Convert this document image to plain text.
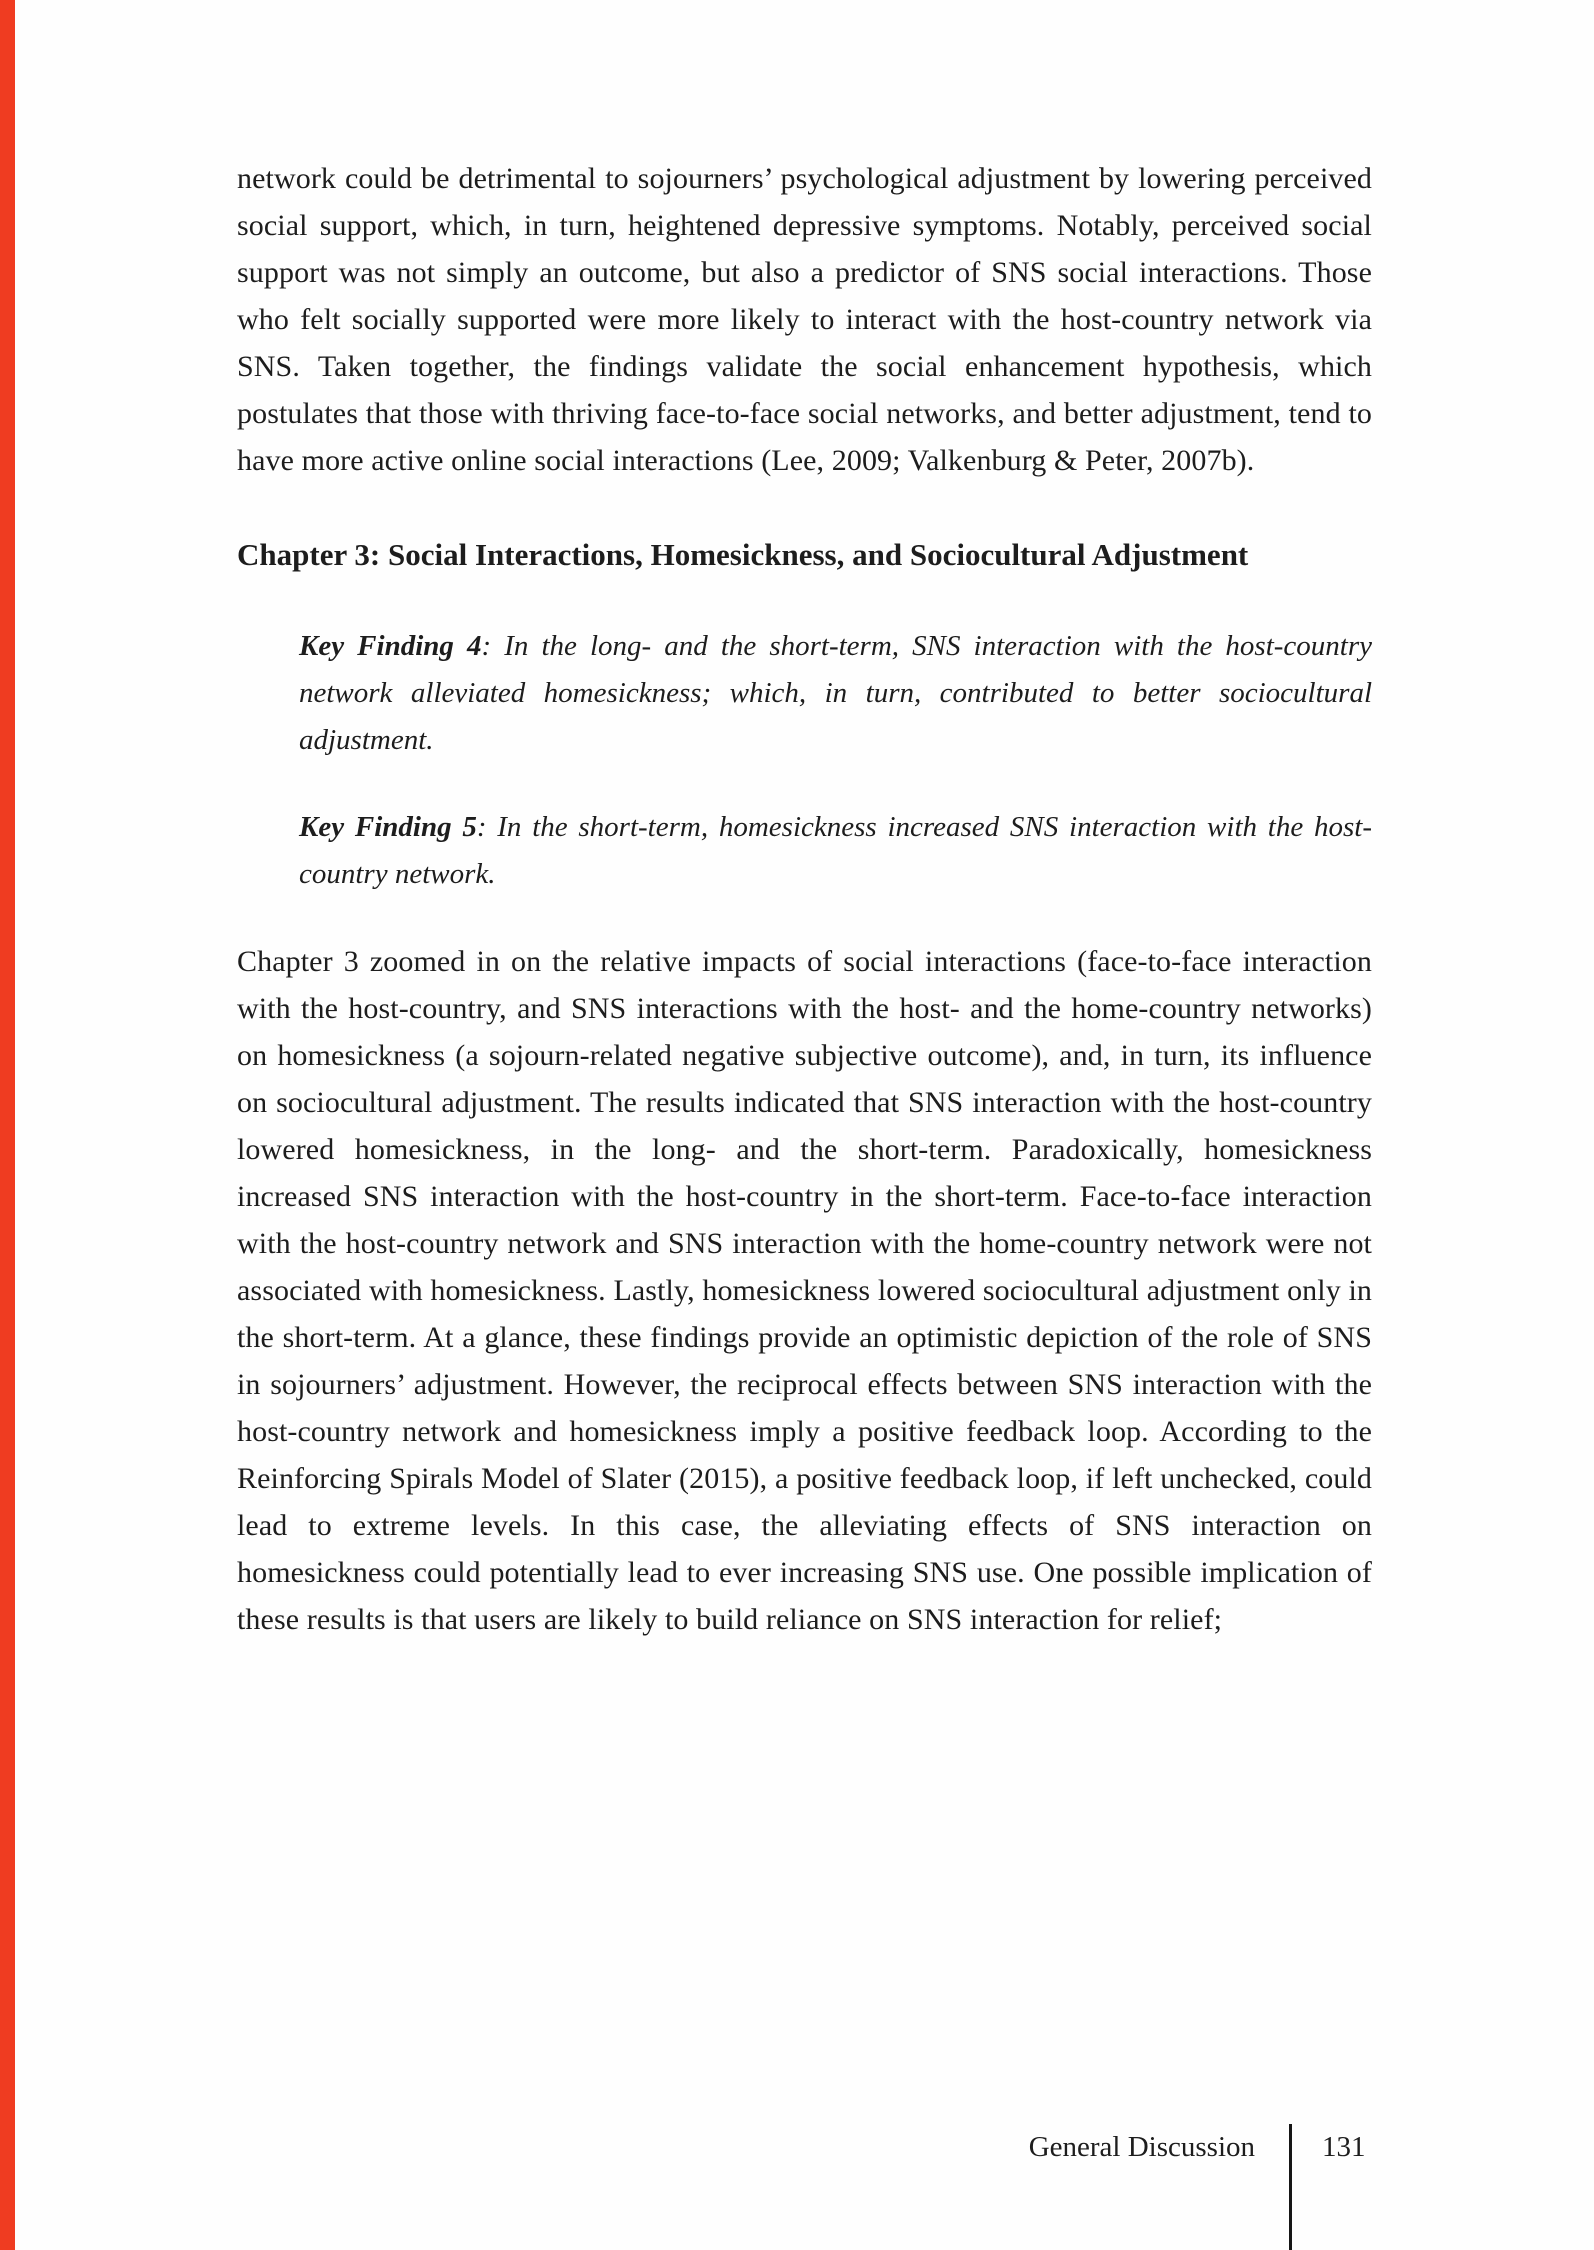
network could be detrimental to sojourners’ psychological adjustment by lowering perceived social support, which, in turn, heightened depressive symptoms. Notably, perceived social support was not simply an outcome, but also a predictor of SNS social interactions. Those who felt socially supported were more likely to interact with the host-country network via SNS. Taken together, the findings validate the social enhancement hypothesis, which postulates that those with thriving face-to-face social networks, and better adjustment, tend to have more active online social interactions (Lee, 2009; Valkenburg & Peter, 2007b).

Chapter 3: Social Interactions, Homesickness, and Sociocultural Adjustment
Key Finding 4: In the long- and the short-term, SNS interaction with the host-country network alleviated homesickness; which, in turn, contributed to better sociocultural adjustment.
Key Finding 5: In the short-term, homesickness increased SNS interaction with the host-country network.

Chapter 3 zoomed in on the relative impacts of social interactions (face-to-face interaction with the host-country, and SNS interactions with the host- and the home-country networks) on homesickness (a sojourn-related negative subjective outcome), and, in turn, its influence on sociocultural adjustment. The results indicated that SNS interaction with the host-country lowered homesickness, in the long- and the short-term. Paradoxically, homesickness increased SNS interaction with the host-country in the short-term. Face-to-face interaction with the host-country network and SNS interaction with the home-country network were not associated with homesickness. Lastly, homesickness lowered sociocultural adjustment only in the short-term. At a glance, these findings provide an optimistic depiction of the role of SNS in sojourners’ adjustment. However, the reciprocal effects between SNS interaction with the host-country network and homesickness imply a positive feedback loop. According to the Reinforcing Spirals Model of Slater (2015), a positive feedback loop, if left unchecked, could lead to extreme levels. In this case, the alleviating effects of SNS interaction on homesickness could potentially lead to ever increasing SNS use. One possible implication of these results is that users are likely to build reliance on SNS interaction for relief;

General Discussion 131
